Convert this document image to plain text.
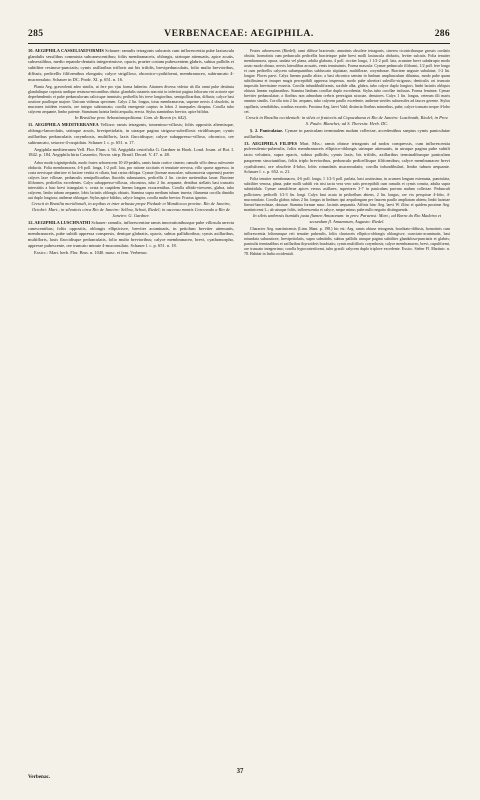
285	VERBENACEAE: AEGIPHILA.	286

10. AEGIPHILA CASSELIAEFORMIS Schauer: ramulis tetragonis subcanis cum inflorescentia pube laxiuscula glandulis sessilibus commixta subcanescentibus; foliis membranaceis, oblongis, utrinque attenuatis, apice acutis, subsessilibus, medio repando-dentatis integerrimisve, opacis, praeter costam pubescentem glabris, subtus pallidis et subtiliter resinoso-punctatis; cymis axillaribus trifloris aut bis trifidis, brevipedunculatis, folio multo brevioribus, diffusis; pedicellis filiformibus elongatis; calyce strigilloso, obconico-cyathiformi, membranaceo, subtruncato 4-mucronulato. Schauer in DC. Prodr. XI. p. 651. n. 16.

Planta Aeg. graveolenti adeo similis, ut fere pro ejus forma haberim. Attamen diversa videtur ab illa omni pube destituta glandulisque copiosis undique resinoso-micantibus obsita: glandulis cutaneis non nisi in inferiori pagina foliorum viri acriorie ope deprehendentis et pube pedunculorum calicisque immixtis; pedicellis bis terve longioribus, semipollicaribus, diffusis; calyce basi acutiore paulloque majore. Unicum vidimus specimen. Calyx 2 lin. longus, totus membranaceus, superne nervis 4 obsoletis, in mucrones totidem exsertis, ore integro subtruncato, corolla emergente carpius in lobos 2 inaequales diruptus. Corolla tubo calycem aequante, limbo patente. Staminum lacinia limbi aequalia, erecta. Stylus staminibus brevior, apice bifidus.

In Brasiliae prov. Sebastianopolitana: Com. de Ruvon (n. 642).

11. AEGIPHILA MEDITERRANEA Vellozo: ramis tetragonis, tomentoso-villosis; foliis oppositis alternisque, oblongo-lanceolatis, utrinque acutis, brevipetiolatis, in utraque pagina strigoso-subvillosis viridibusque; cymis axillaribus pedunculatis corymbosis, multifloris, laxis flaccidisque; calyce subappresso-villoso, obconico, ore subtruncato, setaceo-4-cuspidato. Schauer l. c. p. 651. n. 17.

Aegiphila mediterranea Vell. Flor. Flum. t. 94. Aegiphila cestrifolia G. Gardner in Hook. Lond. Journ. of Bot. I. 1842. p. 184. Aegiphila hirta Casaretto, Novar. stirp. Brasil. Decad. V. 47. n. 48.

Arbor modo trigintipedalis, modo frutex arborescens 10-20-pedalis, ramis basin cortice cinereo, ramulis villo denso rufescente obductis. Folia membranacea, 4-6 poll. longa, 1-2 poll. lata, pro ratione siccitatis et tenuitate nervosa, villo sparse appresso, in costa nervisque uberiore et laxiore vestita et ciliata, basi rarius obliqua. Cymae (formae masculae, subsomoecia supremis) praeter calyces laxe villosae, pedunculis semipollicaribus flaccidis subnutantes, pedicellis 2 lin. circiter metientibus laxae. Bracteae filiformes, pedicellos excedentes. Calyx subappresso-villosus, obconicus, tubo 2 lin. aequante, dentibus stellatis basi truncatis interstitiis a basi brevi triangulari v. ovata in cuspidem lineam longam excurrentibus. Corolla albido-virescens, glabra, tubo calycem, limbo tubum aequante, lobis laciniis oblongis obtusis. Stamina supra medium tubum inserta; filamenta corolla dimidio aut duplo longiora; antherae oblongae. Stylus apice bifidus, calyce longior, corolla multo brevior. Fructus ignotus.

Crescit in Brasilia meridionali, in sepibus et inter arbusta prope Piedade et Mandiocca provinc. Rio de Janeiro, Octobri: Mart.; in silvaticis circa Rio de Janeiro: Sellow, Schott, Riedel; in ascensu montis Corcovado a Rio de Janeiro: G. Gardner.

12. AEGIPHILA LUSCHNATHI Schauer: ramulis, inflorescentiae ramis innovationibusque pube villosula arrecta canescentibus; foliis oppositis, oblongis ellipticisve, breviter acuminatis, in petiolum breviter attenuatis, membranaceis, pube subtili appressa conspersis, denique glabratis, opacis, subtus pallidioribus; cymis axillaribus, multifloris, laxis flaccidisque pedunculatis, folio multo brevioribus; calyce membranaceo, brevi, cyathomorpho, appresse pubescente, ore truncato minute 4-mucronulato. Schauer l. c. p. 651. n. 18.

Exsicc.: Mart. herb. Flor. Bras. n. 1040. masc. et fem. Verbenac.

Frutex arborescens (Riedel); rami diffuse bracteatis: annotinis obsolete tetragonis, cinerea cicatricibusque grossis cordatis obsitis; hornotinis cum pedunculis pedicellis bracteisque pube brevi molli laxiuscula obductis, leviter sulcatis. Folia tenuiter membranacea, opaca, undata vel plana, adulta glabrata, 4 poll. circiter longa, 1 1/2-2 poll. lata, acumine brevi subabrupto modo acuto modo obtuso, nervis lateralibus arcuatis, venis tenuissimis. Forma mascula: Cymae pedunculo filiformi, 1/2 poll. fere longo et cum pedicellis calycem subaequantibus subfuscato stipitatae, multiflorae, corymbosae. Bracteae anguste subulatae, 1-2 lin. longae. Flores parvi. Calyx lineam paullo altior, a basi obconica sensim in limbum ampliusculum dilatatus, modo pube quam subtilissima et insuper magis perceptibili appressa inspersus, modo pube ubertiori subvillo-strigosus; denticulis ori truncato impositis brevissime exsertis. Corolla infundibuliformis, sordide alba, glabra, tubo calyce duplo longiori, limbi laciniis obliquis obtusis lineam explanatibus. Stamina limbum corollae duplo excedentia. Stylus tubo corollae inclusus. Forma feminea: Cymae breviter pedunculatae, a floribus non admodum crebris perexiguis structae, densiores. Calyx 1 lin. longus, ceterum illi maris omnino similis. Corolla tota 2 lin. aequans, tubo calycem paullo excedente, antherae steriles subsessiles ad fauces gerente. Stylus capillaris, semibifidus, cruribus exsertis. Proxima Aeg. laevi Vahl; distincta floribus minoribus, pube, calyce truncato neque 4-lobo cet.

Crescit in Brasilia occidentali: in silvis et fruticetis ad Copacabana et Rio de Janeiro: Luschnath, Riedel; in Prov. S. Paulo: Blanchet; ad S. Theresia: Herb. DC.

§. 2. Paniculatae. Cymae in paniculam terminalem nudam collectae, accedentibus saepius cymis paniculatae axillaribus.

13. AEGIPHILA FILIPES Mart. Mss.: ramis obtuse tetragonis ad nodos compressis, cum inflorescentia pulverulento-puberulis, foliis membranaceis elliptico-oblongis utrinque attenuatis, in utraque pagina pube subtili tactu velutinis, supra opacis, subtus pallidis; cymis laxis, bis trifidis, axillaribus terminalibusque paniculam pauperem structantibus, foliis triplo brevioribus, pedunculo pedicellisque filiformibus; calyce membranaceo brevi cyathiformi, ore obsolete 4-lobo, lobis rotundatis mucronulatis; corolla infundibulari, limbo tubum aequante. Schauer l. c. p. 652. n. 21.

Folia tenuiter membranacea, 4-6 poll. longa, 1 1/2-3 poll. parlata, basi acutissima, in acumen longum extenuata, punctulata, subtiliter venosa, plana, pube molli subtili vix nisi tactu vera vero satis perceptibili cum ramulis et cymis consita, adulta supra subnitidula. Cymae ramuliferae apices versus axillares; superiores 3-7 in paniculam parvam nudam collectae. Pedunculi polliciares; pedicelli 1/2-3 lin. longi. Calyx basi acuta in pedicellum abiens, 2 lin. longus, ore vix perspicue 4-lobo, 4-mucronulato. Corolla glabra; tubus 2 lin. longus in limbum ipsi aequilongum per faucem paullo ampliatam abiens; limbi laciniae lineari-lanceolatae, obtusae. Stamina formae masc. laciniis aequantia. Affinis hinc Aeg. laevi W. illinc et quidem proxime Aeg. martinicensi L.; ab utraque foliis, inflorescentia et calyce, neque minus pube nullo negotio distinguenda.

In silvis umbrosis humidis juxta flumen Amazonum: in prov. Paraensi: Mart.; ad Barra do Rio Madeira et secundum fl. Amazonum, Augusto: Riedel.

Character Aeg. martinicensis (Linn. Mant. p. 198.) hic est: Aeg. ramis obtuse tetragonis, brachiato-diffusis, hornotinis cum inflorescentia foliorumque reti tenuiter puberulis, foliis chartaceis elliptico-oblongis oblongisve, coarctato-acuminatis, basi rotundata subacutiore, brevipetiolatis, supra subnitidis, subtus pallidis utraque pagina subtiliter glandulosa-punctatis et glabris; paniculis terminalibus et axillaribus thyrsoideis brachiatis; cymis multifloris corymbosis; calyce membranaceo, brevi, cupuliformi, ore truncato integerrimo; corolla hypocrateriformi, tubo gracili calycem duplo triplove excedente. Exsicc. Sieber Fl. Martinic. n. 78. Habitat in India occidentali.

37
Verbenac.
